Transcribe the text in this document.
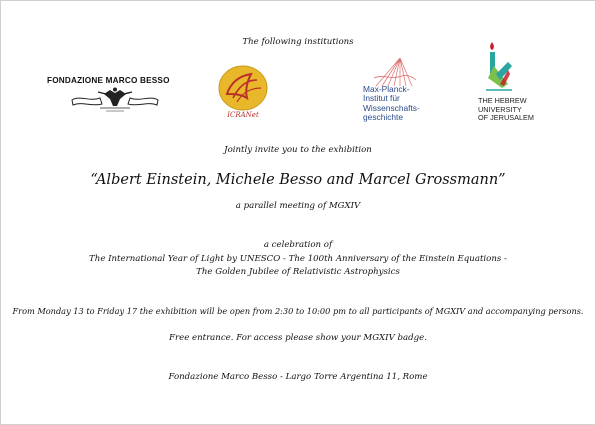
The following institutions
FONDAZIONE MARCO BESSO
ICRANet
Max-Planck-
Institut für
Wissenschafts-
geschichte
THE HEBREW
UNIVERSITY
OF JERUSALEM
Jointly invite you to the exhibition
“Albert Einstein, Michele Besso and Marcel Grossmann”
a parallel meeting of MGXIV
a celebration of
The International Year of Light by UNESCO - The 100th Anniversary of the Einstein Equations -
The Golden Jubilee of Relativistic Astrophysics
From Monday 13 to Friday 17 the exhibition will be open from 2:30 to 10:00 pm to all participants of MGXIV and accompanying persons.
Free entrance. For access please show your MGXIV badge.
Fondazione Marco Besso - Largo Torre Argentina 11, Rome
